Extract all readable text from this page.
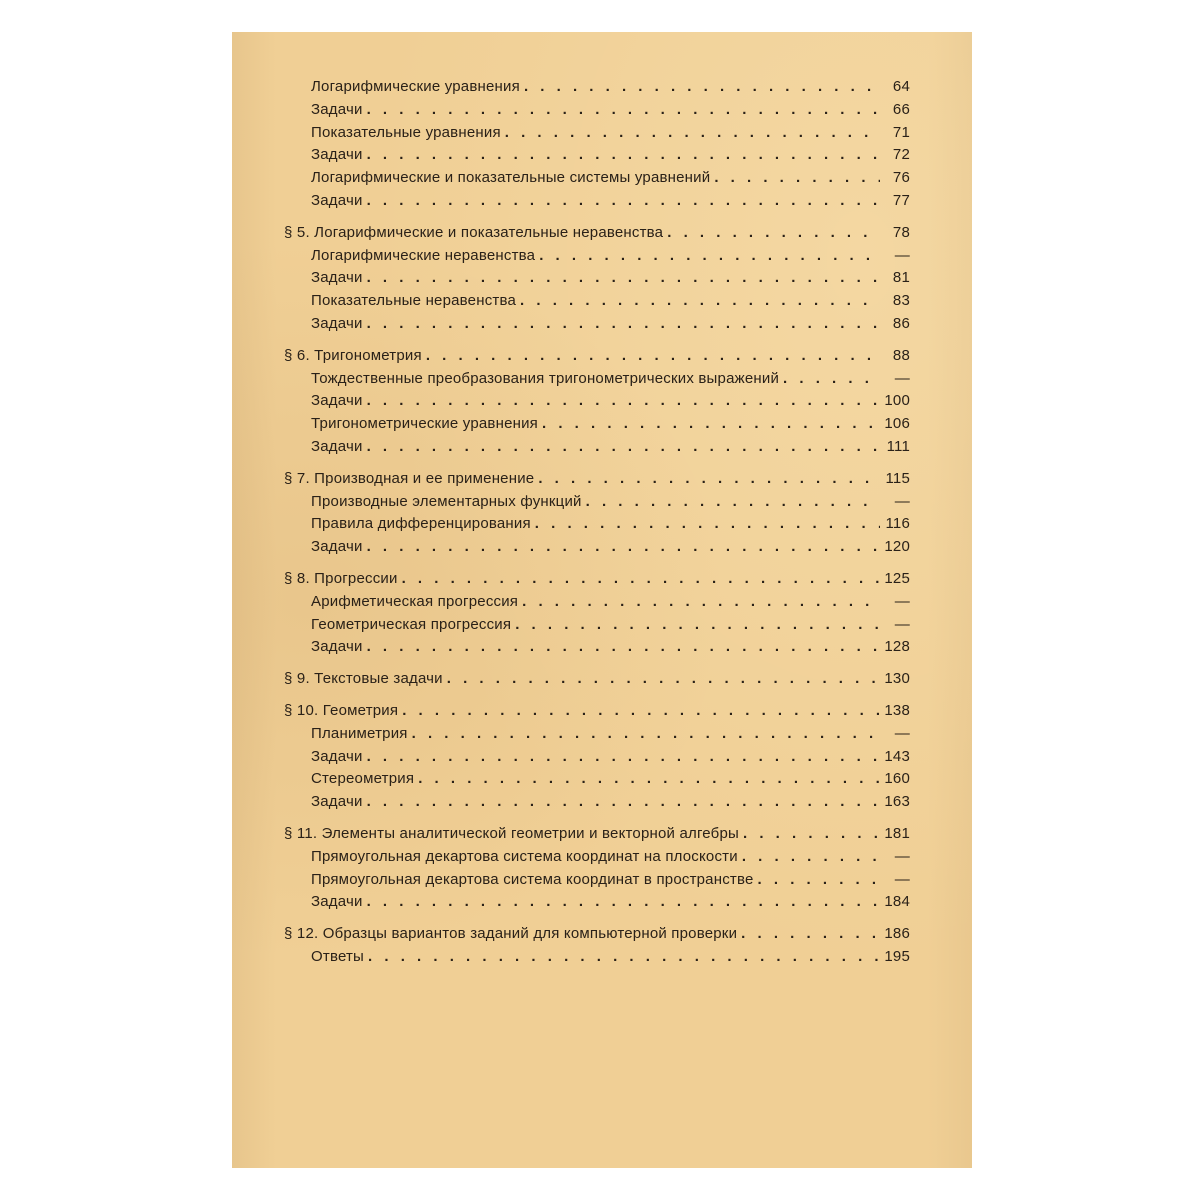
Логарифмические уравнения . . .	64
Задачи . . .	66
Показательные уравнения . . .	71
Задачи . . .	72
Логарифмические и показательные системы уравнений . . .	76
Задачи . . .	77
§ 5. Логарифмические и показательные неравенства . . .	78
Логарифмические неравенства . . .	—
Задачи . . .	81
Показательные неравенства . . .	83
Задачи . . .	86
§ 6. Тригонометрия . . .	88
Тождественные преобразования тригонометрических выражений . . .	—
Задачи . . .	100
Тригонометрические уравнения . . .	106
Задачи . . .	111
§ 7. Производная и ее применение . . .	115
Производные элементарных функций . . .	—
Правила дифференцирования . . .	116
Задачи . . .	120
§ 8. Прогрессии . . .	125
Арифметическая прогрессия . . .	—
Геометрическая прогрессия . . .	—
Задачи . . .	128
§ 9. Текстовые задачи . . .	130
§ 10. Геометрия . . .	138
Планиметрия . . .	—
Задачи . . .	143
Стереометрия . . .	160
Задачи . . .	163
§ 11. Элементы аналитической геометрии и векторной алгебры . . .	181
Прямоугольная декартова система координат на плоскости . . .	—
Прямоугольная декартова система координат в пространстве . . .	—
Задачи . . .	184
§ 12. Образцы вариантов заданий для компьютерной проверки . . .	186
Ответы . . .	195
